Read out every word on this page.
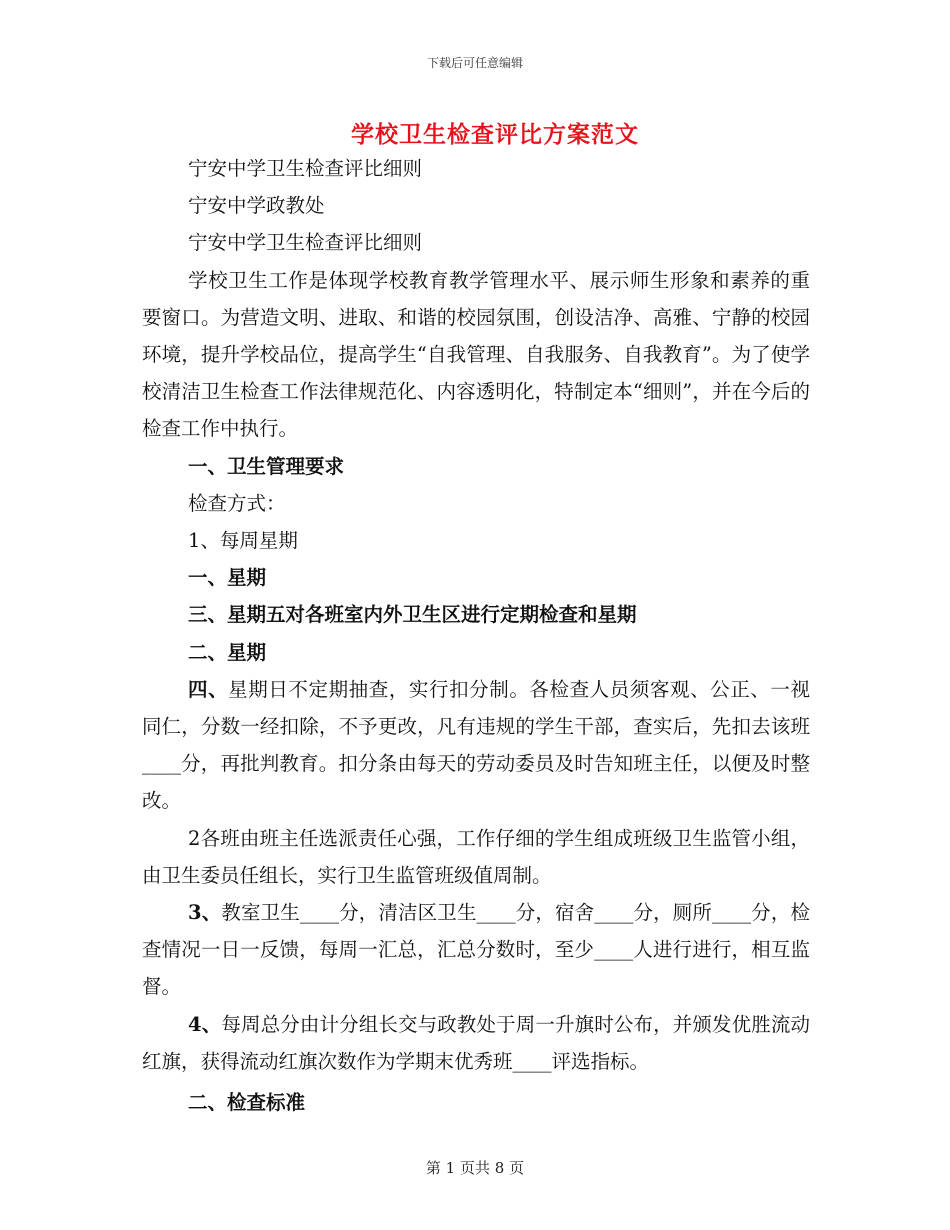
下载后可任意编辑
学校卫生检查评比方案范文

宁安中学卫生检查评比细则

宁安中学政教处

宁安中学卫生检查评比细则

学校卫生工作是体现学校教育教学管理水平、展示师生形象和素养的重要窗口。为营造文明、进取、和谐的校园氛围，创设洁净、高雅、宁静的校园环境，提升学校品位，提高学生“自我管理、自我服务、自我教育”。为了使学校清洁卫生检查工作法律规范化、内容透明化，特制定本“细则”，并在今后的检查工作中执行。

一、卫生管理要求

检查方式：

1、每周星期

一、星期

三、星期五对各班室内外卫生区进行定期检查和星期

二、星期

四、星期日不定期抽查，实行扣分制。各检查人员须客观、公正、一视同仁，分数一经扣除，不予更改，凡有违规的学生干部，查实后，先扣去该班____分，再批判教育。扣分条由每天的劳动委员及时告知班主任，以便及时整改。

2各班由班主任选派责任心强，工作仔细的学生组成班级卫生监管小组，由卫生委员任组长，实行卫生监管班级值周制。

3、教室卫生____分，清洁区卫生____分，宿舍____分，厕所____分，检查情况一日一反馈，每周一汇总，汇总分数时，至少____人进行进行，相互监督。

4、每周总分由计分组长交与政教处于周一升旗时公布，并颁发优胜流动红旗，获得流动红旗次数作为学期末优秀班____评选指标。

二、检查标准

第 1 页共 8 页
